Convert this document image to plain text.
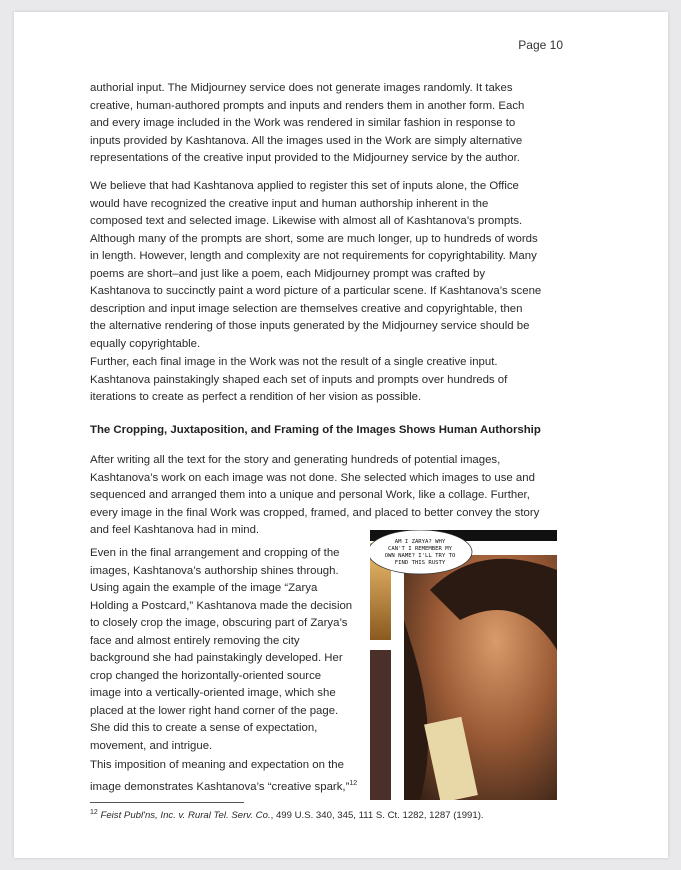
Page 10
authorial input. The Midjourney service does not generate images randomly. It takes
creative, human-authored prompts and inputs and renders them in another form. Each
and every image included in the Work was rendered in similar fashion in response to
inputs provided by Kashtanova. All the images used in the Work are simply alternative
representations of the creative input provided to the Midjourney service by the author.
We believe that had Kashtanova applied to register this set of inputs alone, the Office
would have recognized the creative input and human authorship inherent in the
composed text and selected image. Likewise with almost all of Kashtanova’s prompts.
Although many of the prompts are short, some are much longer, up to hundreds of words
in length. However, length and complexity are not requirements for copyrightability. Many
poems are short–and just like a poem, each Midjourney prompt was crafted by
Kashtanova to succinctly paint a word picture of a particular scene. If Kashtanova’s scene
description and input image selection are themselves creative and copyrightable, then
the alternative rendering of those inputs generated by the Midjourney service should be
equally copyrightable.
Further, each final image in the Work was not the result of a single creative input.
Kashtanova painstakingly shaped each set of inputs and prompts over hundreds of
iterations to create as perfect a rendition of her vision as possible.
The Cropping, Juxtaposition, and Framing of the Images Shows Human Authorship
After writing all the text for the story and generating hundreds of potential images,
Kashtanova’s work on each image was not done. She selected which images to use and
sequenced and arranged them into a unique and personal Work, like a collage. Further,
every image in the final Work was cropped, framed, and placed to better convey the story
and feel Kashtanova had in mind.
Even in the final arrangement and cropping of the
images, Kashtanova’s authorship shines through.
Using again the example of the image “Zarya
Holding a Postcard,” Kashtanova made the decision
to closely crop the image, obscuring part of Zarya’s
face and almost entirely removing the city
background she had painstakingly developed. Her
crop changed the horizontally-oriented source
image into a vertically-oriented image, which she
placed at the lower right hand corner of the page.
She did this to create a sense of expectation,
movement, and intrigue.
This imposition of meaning and expectation on the
image demonstrates Kashtanova’s “creative spark,”$^{12}$
AM I ZARYA? WHY
CAN'T I REMEMBER MY
OWN NAME? I'LL TRY TO
FIND THIS RUSTY
$^{12}$ Feist Publ'ns, Inc. v. Rural Tel. Serv. Co., 499 U.S. 340, 345, 111 S. Ct. 1282, 1287 (1991).
